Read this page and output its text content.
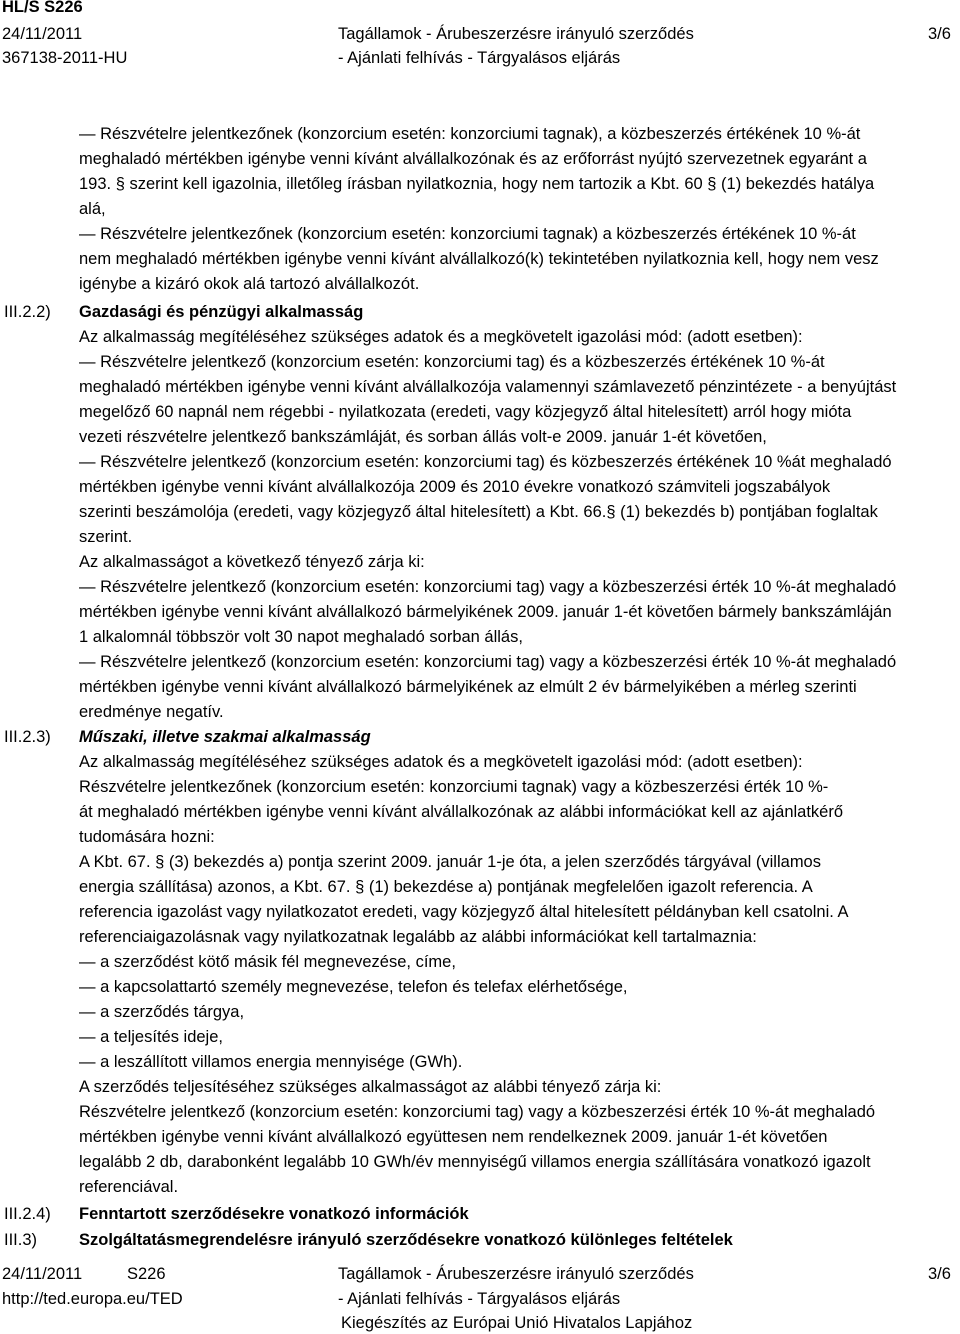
HL/S S226
24/11/2011
367138-2011-HU
Tagállamok - Árubeszerzésre irányuló szerződés
- Ajánlati felhívás - Tárgyalásos eljárás
3/6
III.2.2)
III.2.3)
III.2.4)
III.3)
— Részvételre jelentkezőnek (konzorcium esetén: konzorciumi tagnak), a közbeszerzés értékének 10 %-át
meghaladó mértékben igénybe venni kívánt alvállalkozónak és az erőforrást nyújtó szervezetnek egyaránt a
193. § szerint kell igazolnia, illetőleg írásban nyilatkoznia, hogy nem tartozik a Kbt. 60 § (1) bekezdés hatálya
alá,
— Részvételre jelentkezőnek (konzorcium esetén: konzorciumi tagnak) a közbeszerzés értékének 10 %-át
nem meghaladó mértékben igénybe venni kívánt alvállalkozó(k) tekintetében nyilatkoznia kell, hogy nem vesz
igénybe a kizáró okok alá tartozó alvállalkozót.
Gazdasági és pénzügyi alkalmasság
Az alkalmasság megítéléséhez szükséges adatok és a megkövetelt igazolási mód: (adott esetben):
— Részvételre jelentkező (konzorcium esetén: konzorciumi tag) és a közbeszerzés értékének 10 %-át
meghaladó mértékben igénybe venni kívánt alvállalkozója valamennyi számlavezető pénzintézete - a benyújtást
megelőző 60 napnál nem régebbi - nyilatkozata (eredeti, vagy közjegyző által hitelesített) arról hogy mióta
vezeti részvételre jelentkező bankszámláját, és sorban állás volt-e 2009. január 1-ét követően,
— Részvételre jelentkező (konzorcium esetén: konzorciumi tag) és közbeszerzés értékének 10 %át meghaladó
mértékben igénybe venni kívánt alvállalkozója 2009 és 2010 évekre vonatkozó számviteli jogszabályok
szerinti beszámolója (eredeti, vagy közjegyző által hitelesített) a Kbt. 66.§ (1) bekezdés b) pontjában foglaltak
szerint.
Az alkalmasságot a következő tényező zárja ki:
— Részvételre jelentkező (konzorcium esetén: konzorciumi tag) vagy a közbeszerzési érték 10 %-át meghaladó
mértékben igénybe venni kívánt alvállalkozó bármelyikének 2009. január 1-ét követően bármely bankszámláján
1 alkalomnál többször volt 30 napot meghaladó sorban állás,
— Részvételre jelentkező (konzorcium esetén: konzorciumi tag) vagy a közbeszerzési érték 10 %-át meghaladó
mértékben igénybe venni kívánt alvállalkozó bármelyikének az elmúlt 2 év bármelyikében a mérleg szerinti
eredménye negatív.
Műszaki, illetve szakmai alkalmasság
Az alkalmasság megítéléséhez szükséges adatok és a megkövetelt igazolási mód: (adott esetben):
Részvételre jelentkezőnek (konzorcium esetén: konzorciumi tagnak) vagy a közbeszerzési érték 10 %-
át meghaladó mértékben igénybe venni kívánt alvállalkozónak az alábbi információkat kell az ajánlatkérő
tudomására hozni:
A Kbt. 67. § (3) bekezdés a) pontja szerint 2009. január 1-je óta, a jelen szerződés tárgyával (villamos
energia szállítása) azonos, a Kbt. 67. § (1) bekezdése a) pontjának megfelelően igazolt referencia. A
referencia igazolást vagy nyilatkozatot eredeti, vagy közjegyző által hitelesített példányban kell csatolni. A
referenciaigazolásnak vagy nyilatkozatnak legalább az alábbi információkat kell tartalmaznia:
— a szerződést kötő másik fél megnevezése, címe,
— a kapcsolattartó személy megnevezése, telefon és telefax elérhetősége,
— a szerződés tárgya,
— a teljesítés ideje,
— a leszállított villamos energia mennyisége (GWh).
A szerződés teljesítéséhez szükséges alkalmasságot az alábbi tényező zárja ki:
Részvételre jelentkező (konzorcium esetén: konzorciumi tag) vagy a közbeszerzési érték 10 %-át meghaladó
mértékben igénybe venni kívánt alvállalkozó együttesen nem rendelkeznek 2009. január 1-ét követően
legalább 2 db, darabonként legalább 10 GWh/év mennyiségű villamos energia szállítására vonatkozó igazolt
referenciával.
Fenntartott szerződésekre vonatkozó információk
Szolgáltatásmegrendelésre irányuló szerződésekre vonatkozó különleges feltételek
24/11/2011	S226
http://ted.europa.eu/TED
Tagállamok - Árubeszerzésre irányuló szerződés
- Ajánlati felhívás - Tárgyalásos eljárás
Kiegészítés az Európai Unió Hivatalos Lapjához
3/6
